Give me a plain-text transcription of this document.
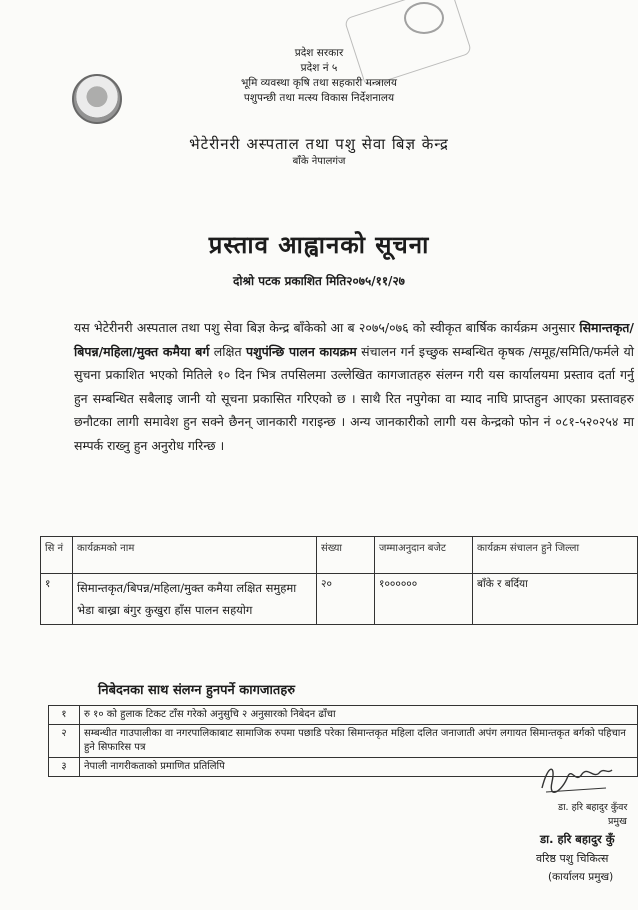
प्रदेश सरकार
प्रदेश नं ५
भूमि व्यवस्था कृषि तथा सहकारी मन्त्रालय
पशुपन्छी तथा मत्स्य विकास निर्देशनालय
भेटेरीनरी अस्पताल तथा पशु सेवा बिज्ञ केन्द्र
बाँके नेपालगंज
प्रस्ताव आह्वानको सूचना
दोश्रो पटक प्रकाशित मिति२०७५/११/२७
यस भेटेरीनरी अस्पताल तथा पशु सेवा बिज्ञ केन्द्र बाँकेको आ ब २०७५/०७६ को स्वीकृत बार्षिक कार्यक्रम अनुसार सिमान्तकृत/बिपन्न/महिला/मुक्त कमैया बर्ग लक्षित पशुपंन्छि पालन कायक्रम संचालन गर्न इच्छुक सम्बन्धित कृषक /समूह/समिति/फर्मले यो सुचना प्रकाशित भएको मितिले १० दिन भित्र तपसिलमा उल्लेखित कागजातहरु संलग्न गरी यस कार्यालयमा प्रस्ताव दर्ता गर्नु हुन सम्बन्धित सबैलाइ जानी यो सूचना प्रकासित गरिएको छ । साथै रित नपुगेका वा म्याद नाघि प्राप्तहुन आएका प्रस्तावहरु छनौटका लागी समावेश हुन सक्ने छैनन् जानकारी गराइन्छ । अन्य जानकारीको लागी यस केन्द्रको फोन नं ०८१-५२०२५४ मा सम्पर्क राख्नु हुन अनुरोध गरिन्छ ।
सि नं	कार्यक्रमको नाम	संख्या	जम्माअनुदान बजेट	कार्यक्रम संचालन हुने जिल्ला
१	सिमान्तकृत/बिपन्न/महिला/मुक्त कमैया लक्षित समुहमा भेडा बाख्रा बंगुर कुखुरा हाँस पालन सहयोग	२०	१००००००	बाँके र बर्दिया
निबेदनका साथ संलग्न हुनपर्ने कागजातहरु
१	रु १० को हुलाक टिकट टाँस गरेको अनुसुचि २ अनुसारको निबेदन ढाँचा
२	सम्बन्धीत गाउपालीका वा नगरपालिकाबाट सामाजिक रुपमा पछाडि परेका सिमान्तकृत महिला दलित जनाजाती अपंग लगायत सिमान्तकृत बर्गको पहिचान हुने सिफारिस पत्र
३	नेपाली नागरीकताको प्रमाणित प्रतिलिपि
डा. हरि बहादुर कुँवर
प्रमुख
डा. हरि बहादुर कुँ
वरिष्ठ पशु चिकित्स
(कार्यालय प्रमुख)
